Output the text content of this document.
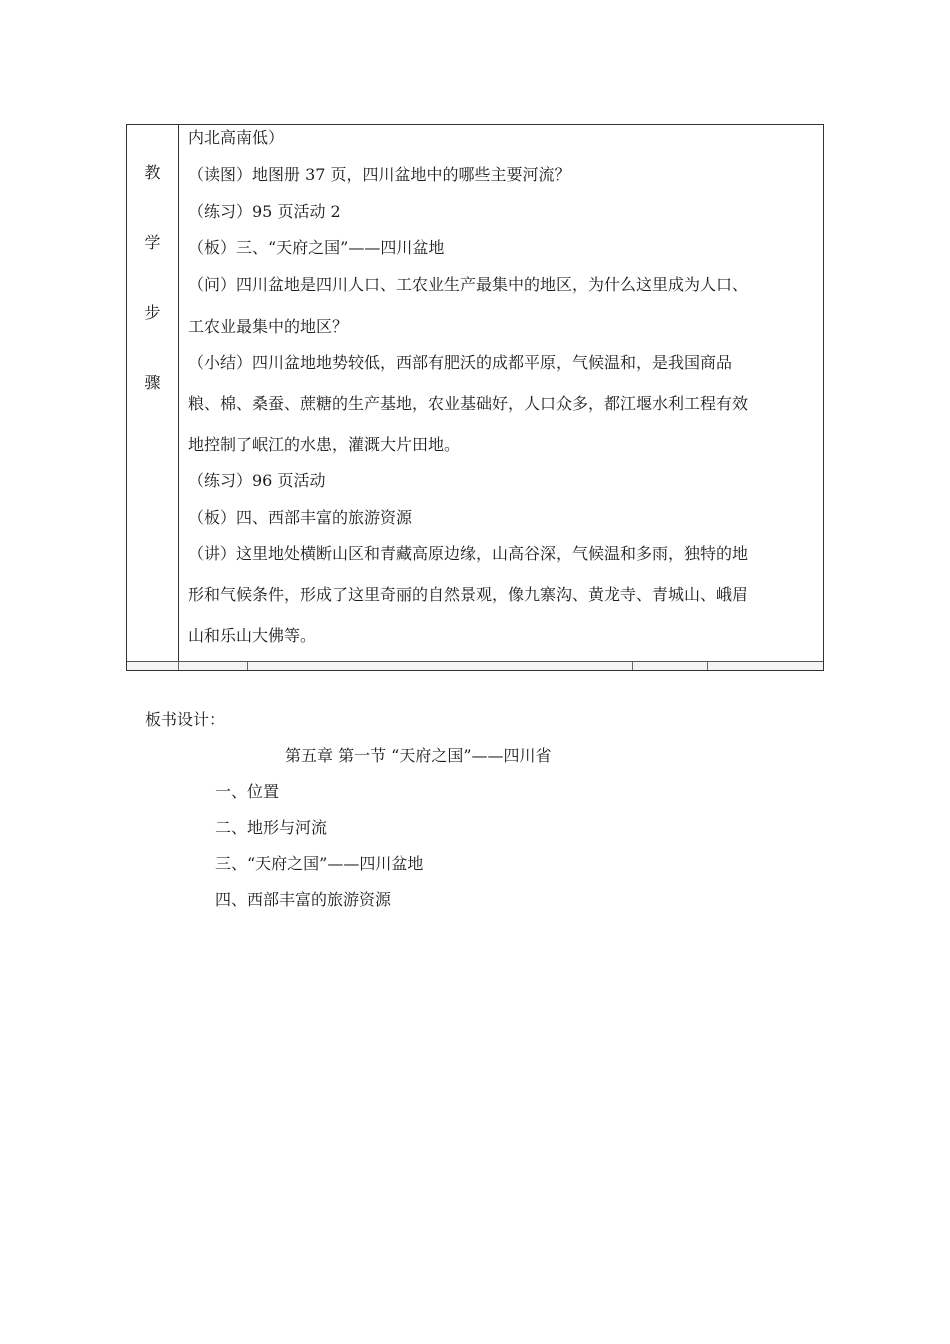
教
学
步
骤
内北高南低）
（读图）地图册 37 页，四川盆地中的哪些主要河流？
（练习）95 页活动 2
（板）三、“天府之国”——四川盆地
（问）四川盆地是四川人口、工农业生产最集中的地区，为什么这里成为人口、
工农业最集中的地区？
（小结）四川盆地地势较低，西部有肥沃的成都平原，气候温和，是我国商品
粮、棉、桑蚕、蔗糖的生产基地，农业基础好，人口众多，都江堰水利工程有效
地控制了岷江的水患，灌溉大片田地。
（练习）96 页活动
（板）四、西部丰富的旅游资源
（讲）这里地处横断山区和青藏高原边缘，山高谷深，气候温和多雨，独特的地
形和气候条件，形成了这里奇丽的自然景观，像九寨沟、黄龙寺、青城山、峨眉
山和乐山大佛等。
板书设计：
第五章 第一节 “天府之国”——四川省
一、位置
二、地形与河流
三、“天府之国”——四川盆地
四、西部丰富的旅游资源
